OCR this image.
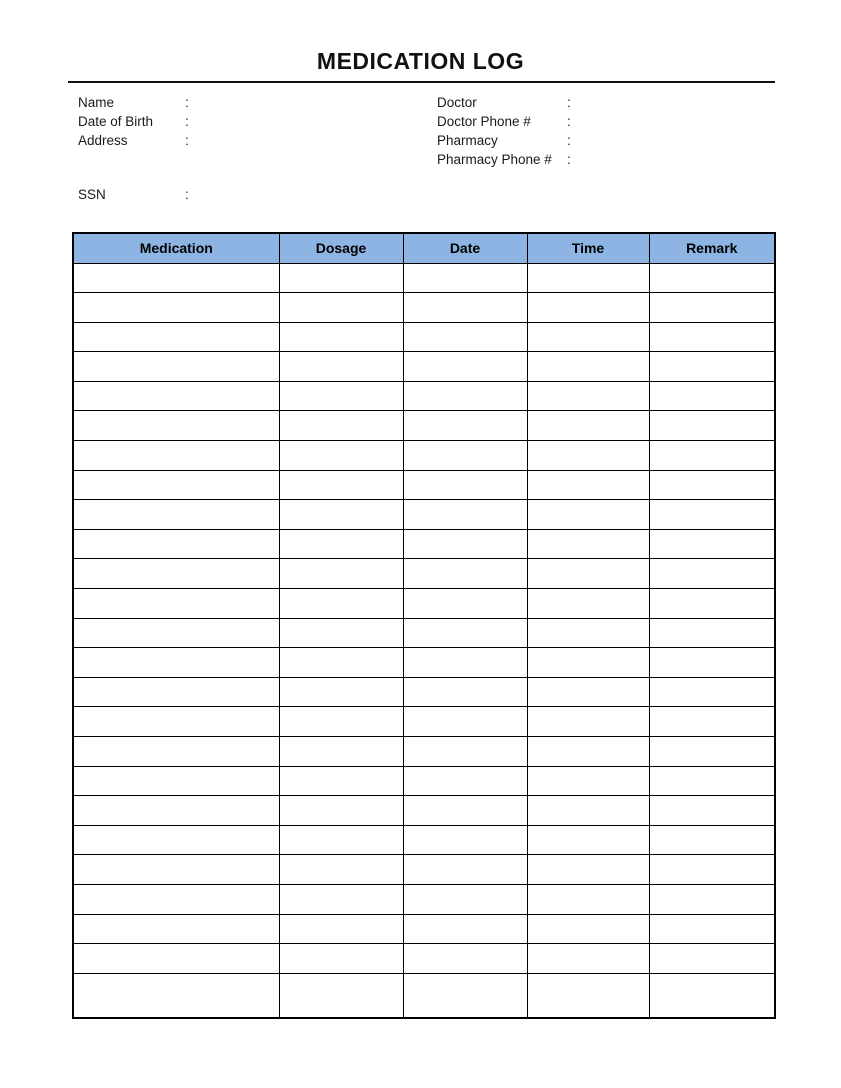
MEDICATION LOG
Name	:
Date of Birth :
Address	:
Doctor	:
Doctor Phone #	:
Pharmacy	:
Pharmacy Phone # :
SSN	:
Medication	Dosage	Date	Time	Remark
